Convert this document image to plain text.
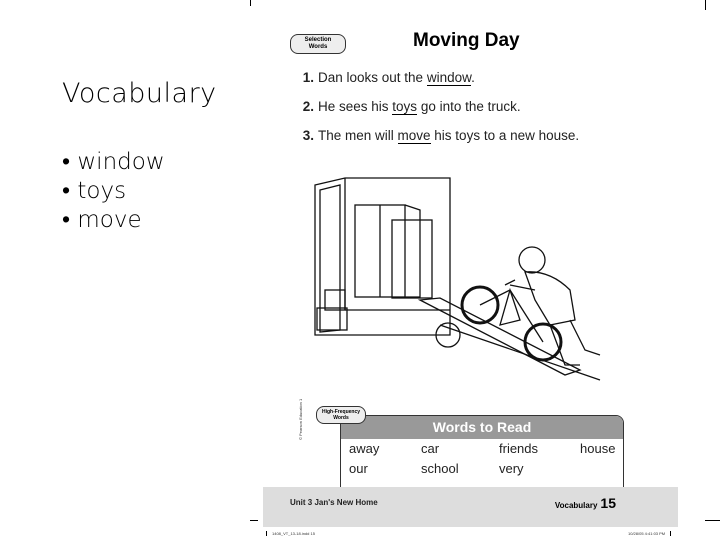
Vocabulary
• window
• toys
• move
Selection
Words	Moving Day
1. Dan looks out the window.
2. He sees his toys go into the truck.
3. The men will move his toys to a new house.
© Pearson Education 1	Words to Read
away	car	friends	house
our	school	very
High-Frequency
Words
Unit 3 Jan's New Home	Vocabulary 15
1408_VT_13-18.indd 15	10/28/05 4:41:03 PM
